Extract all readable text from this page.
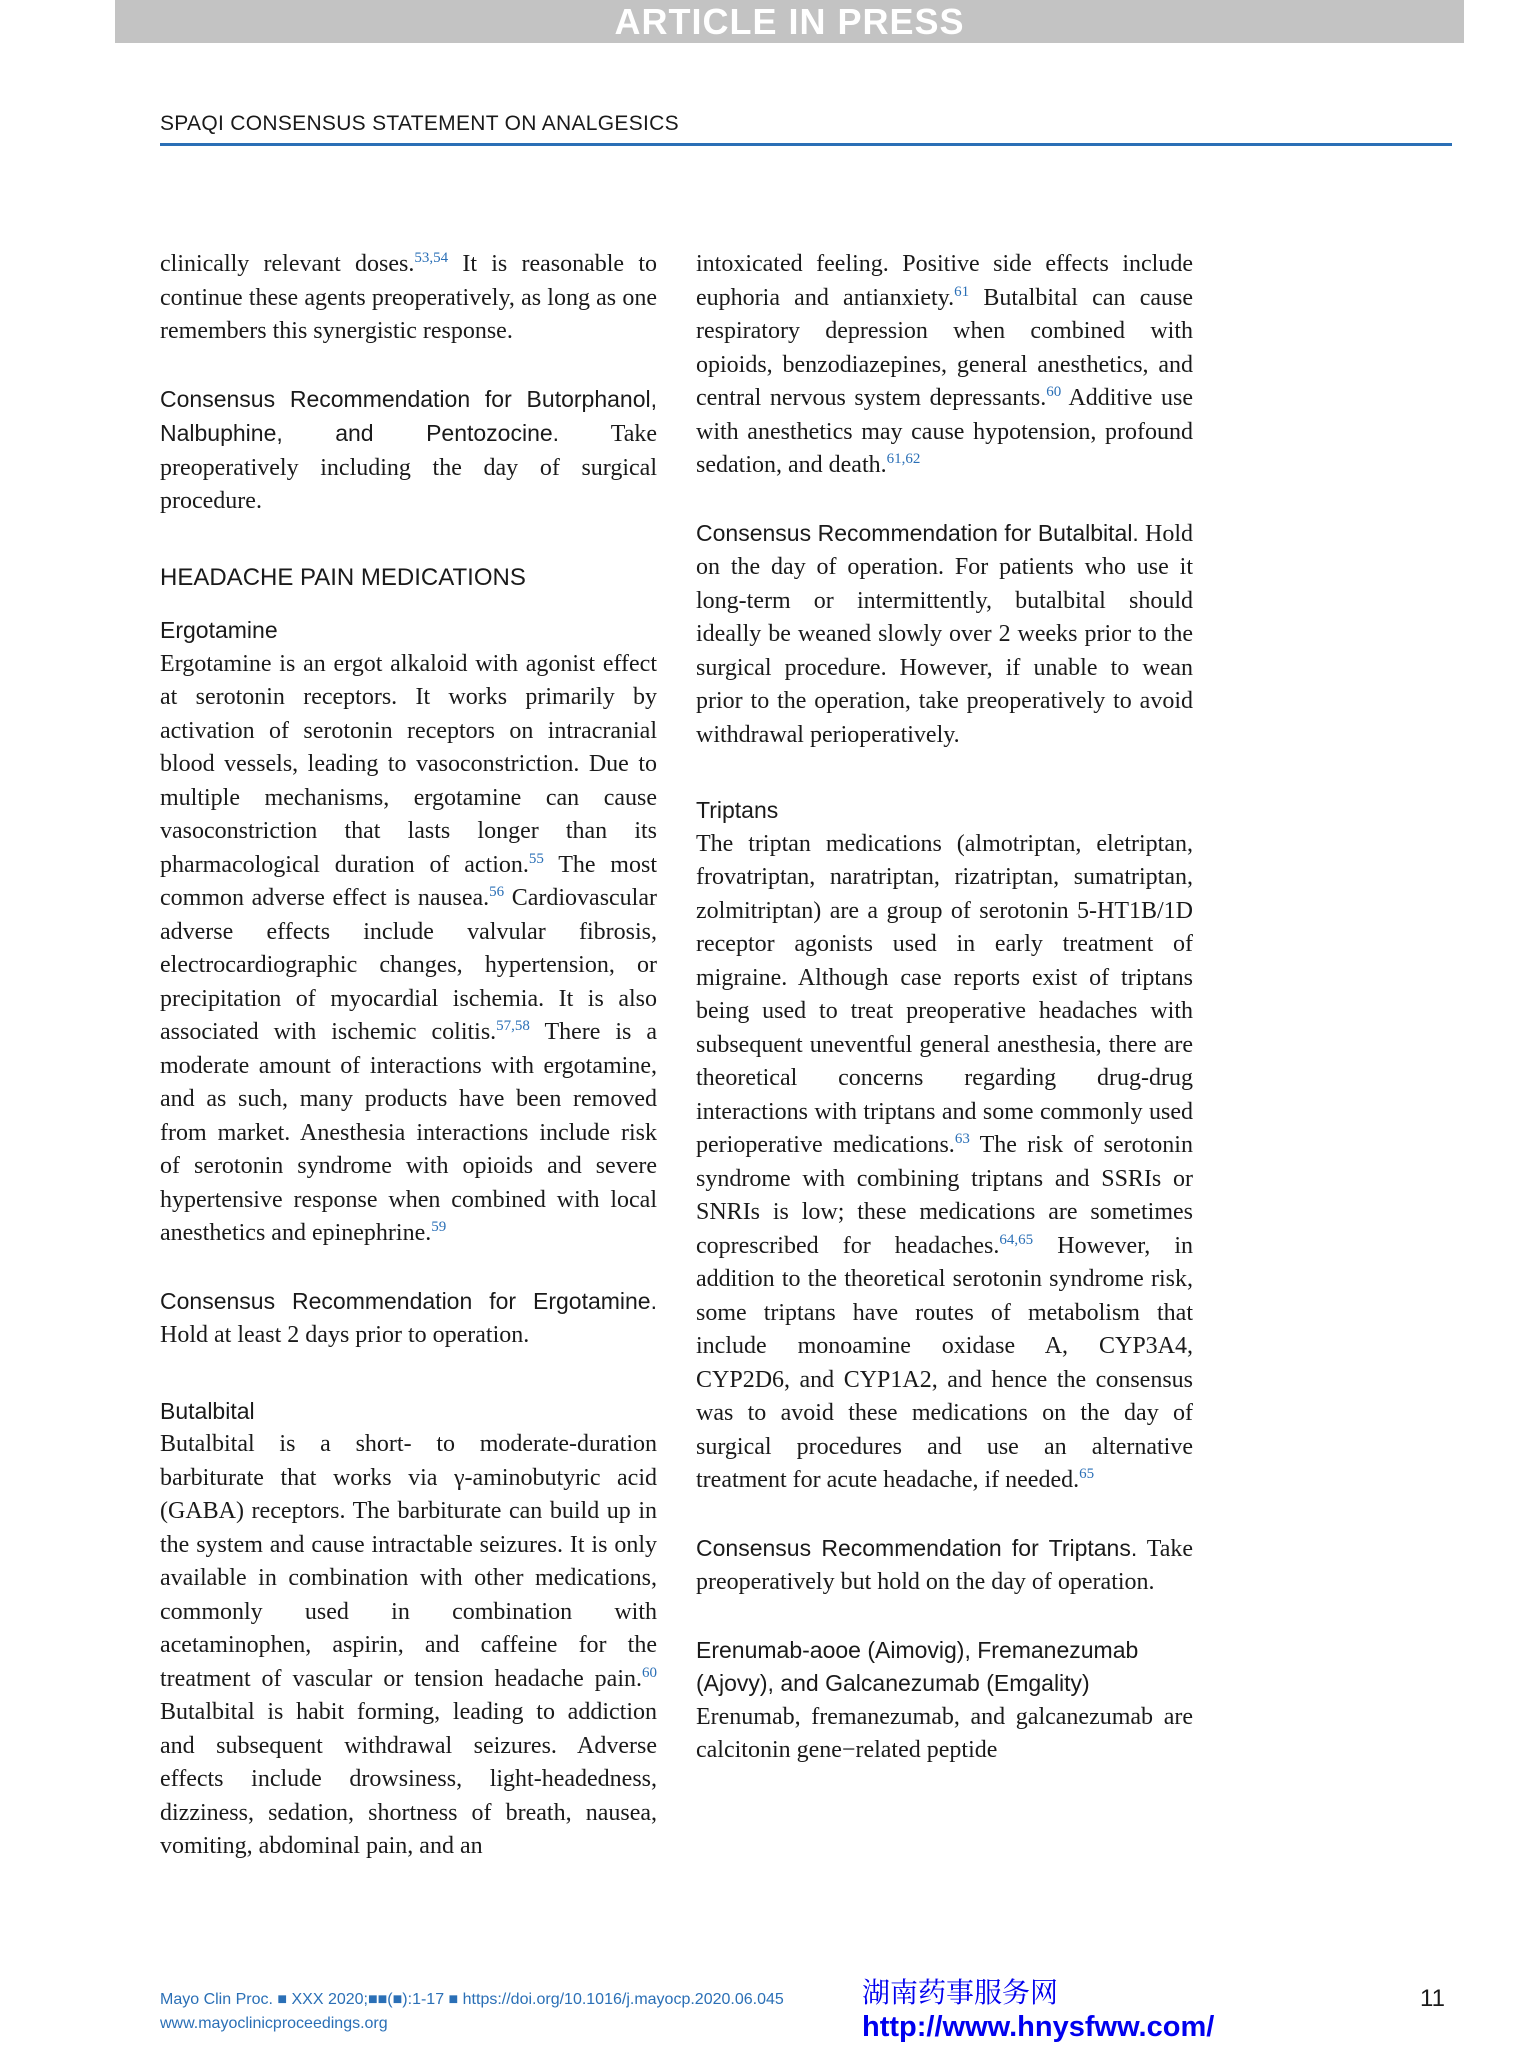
ARTICLE IN PRESS
SPAQI CONSENSUS STATEMENT ON ANALGESICS

clinically relevant doses.$^{53,54}$ It is reasonable to continue these agents preoperatively, as long as one remembers this synergistic response.

Consensus Recommendation for Butorphanol, Nalbuphine, and Pentozocine. Take preoperatively including the day of surgical procedure.

HEADACHE PAIN MEDICATIONS
Ergotamine

Ergotamine is an ergot alkaloid with agonist effect at serotonin receptors. It works primarily by activation of serotonin receptors on intracranial blood vessels, leading to vasoconstriction. Due to multiple mechanisms, ergotamine can cause vasoconstriction that lasts longer than its pharmacological duration of action.$^{55}$ The most common adverse effect is nausea.$^{56}$ Cardiovascular adverse effects include valvular fibrosis, electrocardiographic changes, hypertension, or precipitation of myocardial ischemia. It is also associated with ischemic colitis.$^{57,58}$ There is a moderate amount of interactions with ergotamine, and as such, many products have been removed from market. Anesthesia interactions include risk of serotonin syndrome with opioids and severe hypertensive response when combined with local anesthetics and epinephrine.$^{59}$

Consensus Recommendation for Ergotamine. Hold at least 2 days prior to operation.

Butalbital

Butalbital is a short- to moderate-duration barbiturate that works via γ-aminobutyric acid (GABA) receptors. The barbiturate can build up in the system and cause intractable seizures. It is only available in combination with other medications, commonly used in combination with acetaminophen, aspirin, and caffeine for the treatment of vascular or tension headache pain.$^{60}$ Butalbital is habit forming, leading to addiction and subsequent withdrawal seizures. Adverse effects include drowsiness, light-headedness, dizziness, sedation, shortness of breath, nausea, vomiting, abdominal pain, and an

intoxicated feeling. Positive side effects include euphoria and antianxiety.$^{61}$ Butalbital can cause respiratory depression when combined with opioids, benzodiazepines, general anesthetics, and central nervous system depressants.$^{60}$ Additive use with anesthetics may cause hypotension, profound sedation, and death.$^{61,62}$

Consensus Recommendation for Butalbital. Hold on the day of operation. For patients who use it long-term or intermittently, butalbital should ideally be weaned slowly over 2 weeks prior to the surgical procedure. However, if unable to wean prior to the operation, take preoperatively to avoid withdrawal perioperatively.

Triptans

The triptan medications (almotriptan, eletriptan, frovatriptan, naratriptan, rizatriptan, sumatriptan, zolmitriptan) are a group of serotonin 5-HT1B/1D receptor agonists used in early treatment of migraine. Although case reports exist of triptans being used to treat preoperative headaches with subsequent uneventful general anesthesia, there are theoretical concerns regarding drug-drug interactions with triptans and some commonly used perioperative medications.$^{63}$ The risk of serotonin syndrome with combining triptans and SSRIs or SNRIs is low; these medications are sometimes coprescribed for headaches.$^{64,65}$ However, in addition to the theoretical serotonin syndrome risk, some triptans have routes of metabolism that include monoamine oxidase A, CYP3A4, CYP2D6, and CYP1A2, and hence the consensus was to avoid these medications on the day of surgical procedures and use an alternative treatment for acute headache, if needed.$^{65}$

Consensus Recommendation for Triptans. Take preoperatively but hold on the day of operation.

Erenumab-aooe (Aimovig), Fremanezumab (Ajovy), and Galcanezumab (Emgality)

Erenumab, fremanezumab, and galcanezumab are calcitonin gene−related peptide

Mayo Clin Proc. ■ XXX 2020;■■(■):1-17 ■ https://doi.org/10.1016/j.mayocp.2020.06.045
www.mayoclinicproceedings.org
湖南药事服务网
http://www.hnysfww.com/
11
